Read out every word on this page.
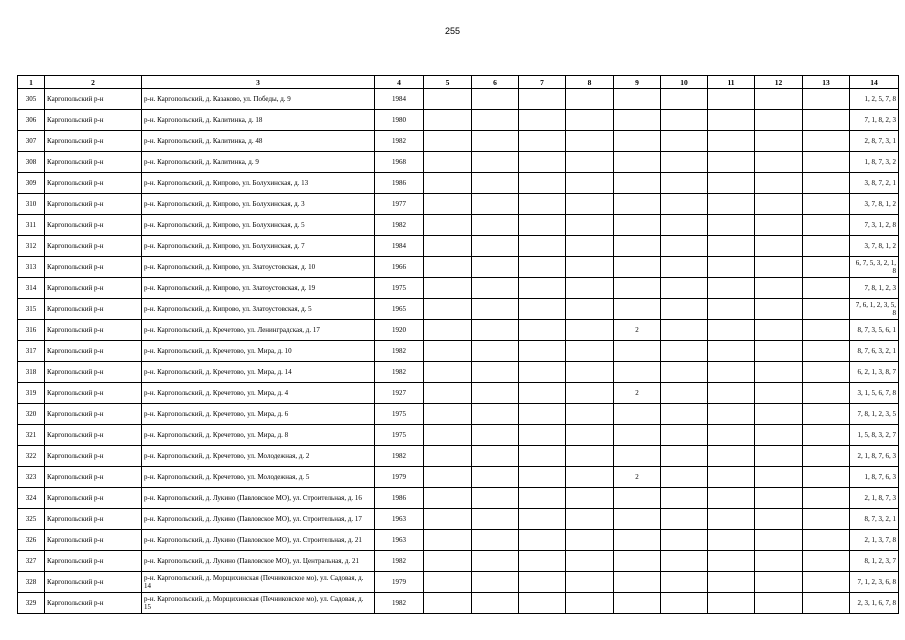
255
1	2	3	4	5	6	7	8	9	10	11	12	13	14
305	Каргопольский р-н	р-н. Каргопольский, д. Казаково, ул. Победы, д. 9	1984										1, 2, 5, 7, 8
306	Каргопольский р-н	р-н. Каргопольский, д. Калитинка, д. 18	1980										7, 1, 8, 2, 3
307	Каргопольский р-н	р-н. Каргопольский, д. Калитинка, д. 48	1982										2, 8, 7, 3, 1
308	Каргопольский р-н	р-н. Каргопольский, д. Калитинка, д. 9	1968										1, 8, 7, 3, 2
309	Каргопольский р-н	р-н. Каргопольский, д. Кипрово, ул. Болухинская, д. 13	1986										3, 8, 7, 2, 1
310	Каргопольский р-н	р-н. Каргопольский, д. Кипрово, ул. Болухинская, д. 3	1977										3, 7, 8, 1, 2
311	Каргопольский р-н	р-н. Каргопольский, д. Кипрово, ул. Болухинская, д. 5	1982										7, 3, 1, 2, 8
312	Каргопольский р-н	р-н. Каргопольский, д. Кипрово, ул. Болухинская, д. 7	1984										3, 7, 8, 1, 2
313	Каргопольский р-н	р-н. Каргопольский, д. Кипрово, ул. Златоустовская, д. 10	1966										6, 7, 5, 3, 2, 1, 8
314	Каргопольский р-н	р-н. Каргопольский, д. Кипрово, ул. Златоустовская, д. 19	1975										7, 8, 1, 2, 3
315	Каргопольский р-н	р-н. Каргопольский, д. Кипрово, ул. Златоустовская, д. 5	1965										7, 6, 1, 2, 3, 5, 8
316	Каргопольский р-н	р-н. Каргопольский, д. Кречетово, ул. Ленинградская, д. 17	1920					2					8, 7, 3, 5, 6, 1
317	Каргопольский р-н	р-н. Каргопольский, д. Кречетово, ул. Мира, д. 10	1982										8, 7, 6, 3, 2, 1
318	Каргопольский р-н	р-н. Каргопольский, д. Кречетово, ул. Мира, д. 14	1982										6, 2, 1, 3, 8, 7
319	Каргопольский р-н	р-н. Каргопольский, д. Кречетово, ул. Мира, д. 4	1927					2					3, 1, 5, 6, 7, 8
320	Каргопольский р-н	р-н. Каргопольский, д. Кречетово, ул. Мира, д. 6	1975										7, 8, 1, 2, 3, 5
321	Каргопольский р-н	р-н. Каргопольский, д. Кречетово, ул. Мира, д. 8	1975										1, 5, 8, 3, 2, 7
322	Каргопольский р-н	р-н. Каргопольский, д. Кречетово, ул. Молодежная, д. 2	1982										2, 1, 8, 7, 6, 3
323	Каргопольский р-н	р-н. Каргопольский, д. Кречетово, ул. Молодежная, д. 5	1979					2					1, 8, 7, 6, 3
324	Каргопольский р-н	р-н. Каргопольский, д. Лукино (Павловское МО), ул. Строительная, д. 16	1986										2, 1, 8, 7, 3
325	Каргопольский р-н	р-н. Каргопольский, д. Лукино (Павловское МО), ул. Строительная, д. 17	1963										8, 7, 3, 2, 1
326	Каргопольский р-н	р-н. Каргопольский, д. Лукино (Павловское МО), ул. Строительная, д. 21	1963										2, 1, 3, 7, 8
327	Каргопольский р-н	р-н. Каргопольский, д. Лукино (Павловское МО), ул. Центральная, д. 21	1982										8, 1, 2, 3, 7
328	Каргопольский р-н	р-н. Каргопольский, д. Морщихинская (Печниковское мо), ул. Садовая, д. 14	1979										7, 1, 2, 3, 6, 8
329	Каргопольский р-н	р-н. Каргопольский, д. Морщихинская (Печниковское мо), ул. Садовая, д. 15	1982										2, 3, 1, 6, 7, 8
